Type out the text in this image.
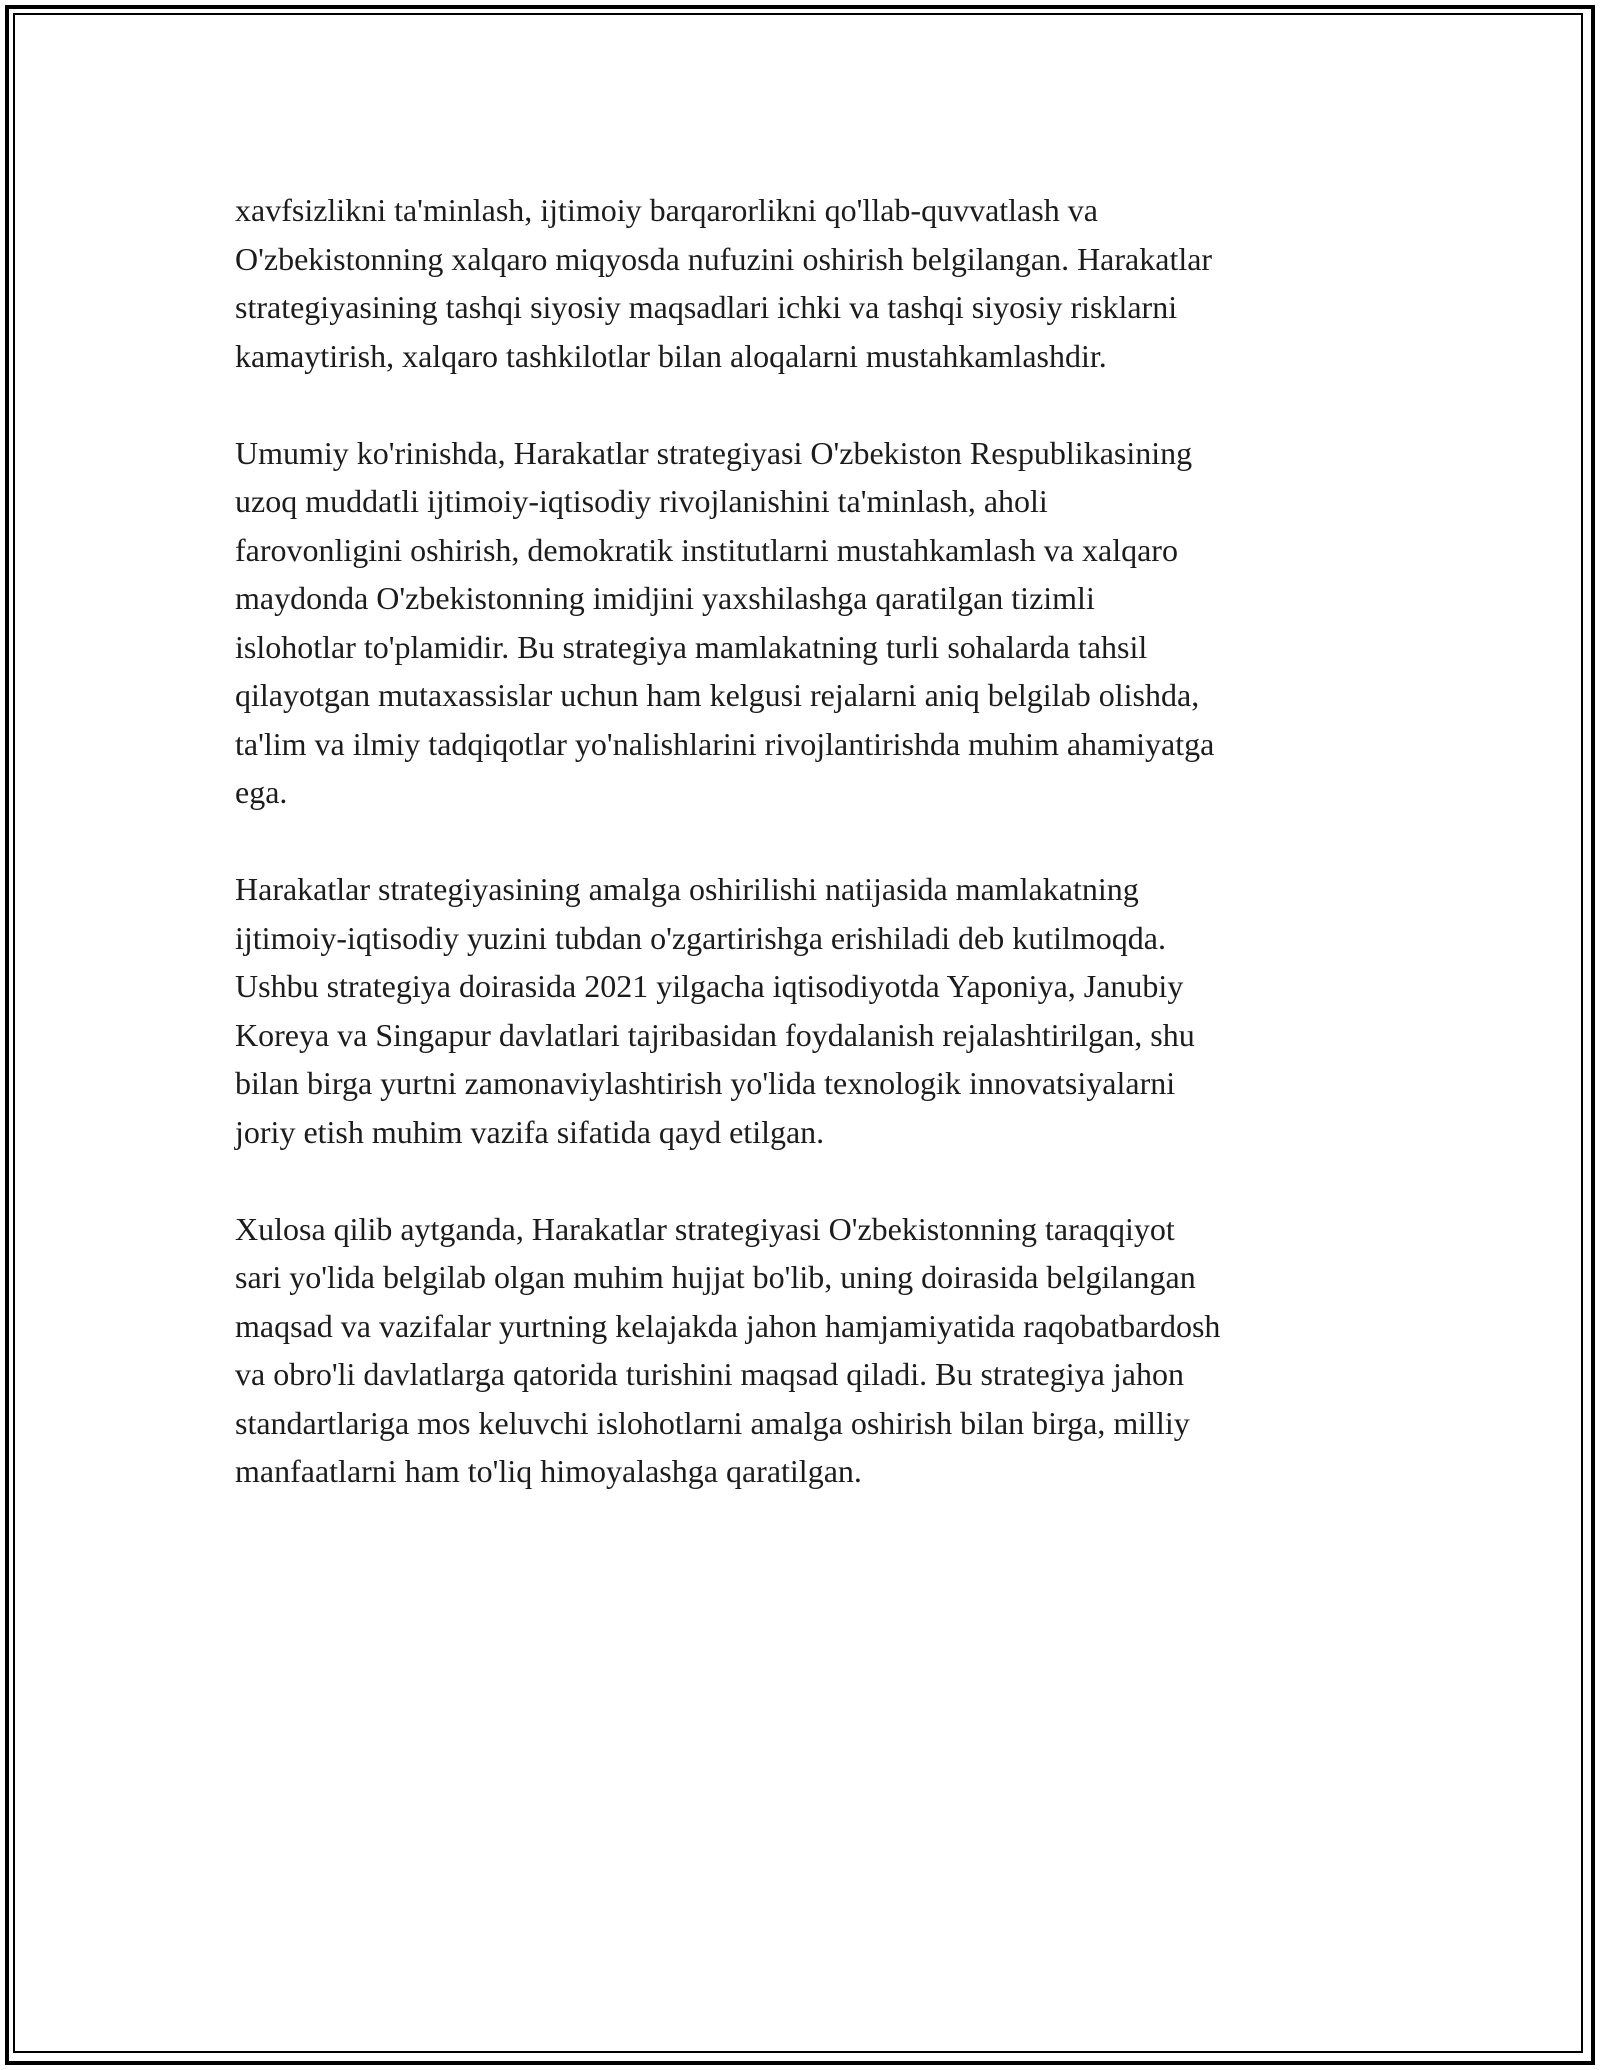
xavfsizlikni ta'minlash, ijtimoiy barqarorlikni qo'llab-quvvatlash va
O'zbekistonning xalqaro miqyosda nufuzini oshirish belgilangan. Harakatlar
strategiyasining tashqi siyosiy maqsadlari ichki va tashqi siyosiy risklarni
kamaytirish, xalqaro tashkilotlar bilan aloqalarni mustahkamlashdir.

Umumiy ko'rinishda, Harakatlar strategiyasi O'zbekiston Respublikasining
uzoq muddatli ijtimoiy-iqtisodiy rivojlanishini ta'minlash, aholi
farovonligini oshirish, demokratik institutlarni mustahkamlash va xalqaro
maydonda O'zbekistonning imidjini yaxshilashga qaratilgan tizimli
islohotlar to'plamidir. Bu strategiya mamlakatning turli sohalarda tahsil
qilayotgan mutaxassislar uchun ham kelgusi rejalarni aniq belgilab olishda,
ta'lim va ilmiy tadqiqotlar yo'nalishlarini rivojlantirishda muhim ahamiyatga
ega.

Harakatlar strategiyasining amalga oshirilishi natijasida mamlakatning
ijtimoiy-iqtisodiy yuzini tubdan o'zgartirishga erishiladi deb kutilmoqda.
Ushbu strategiya doirasida 2021 yilgacha iqtisodiyotda Yaponiya, Janubiy
Koreya va Singapur davlatlari tajribasidan foydalanish rejalashtirilgan, shu
bilan birga yurtni zamonaviylashtirish yo'lida texnologik innovatsiyalarni
joriy etish muhim vazifa sifatida qayd etilgan.

Xulosa qilib aytganda, Harakatlar strategiyasi O'zbekistonning taraqqiyot
sari yo'lida belgilab olgan muhim hujjat bo'lib, uning doirasida belgilangan
maqsad va vazifalar yurtning kelajakda jahon hamjamiyatida raqobatbardosh
va obro'li davlatlarga qatorida turishini maqsad qiladi. Bu strategiya jahon
standartlariga mos keluvchi islohotlarni amalga oshirish bilan birga, milliy
manfaatlarni ham to'liq himoyalashga qaratilgan.
